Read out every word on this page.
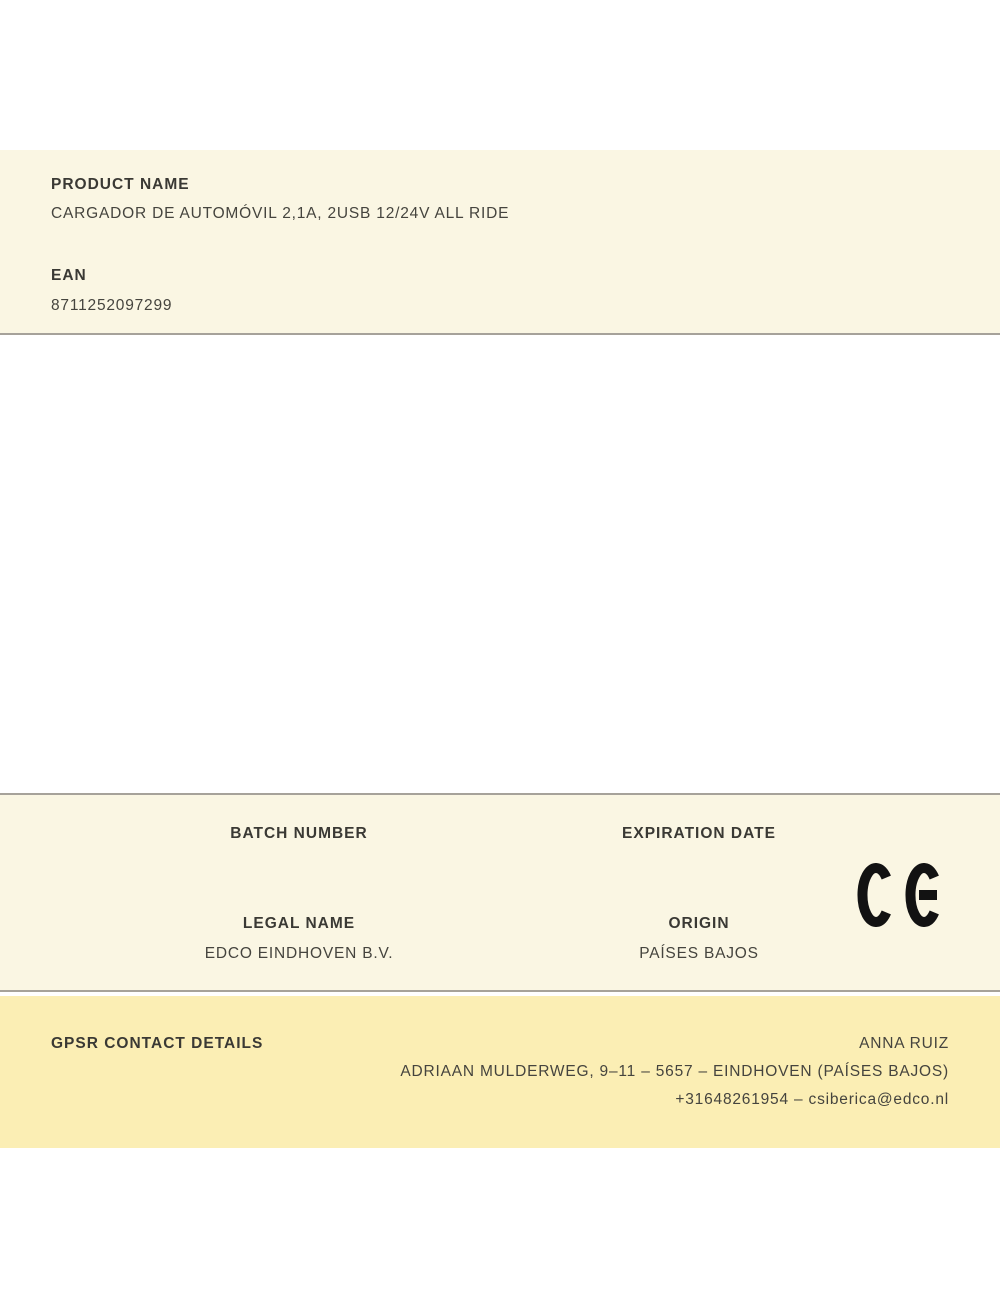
PRODUCT NAME
CARGADOR DE AUTOMÓVIL 2,1A, 2USB 12/24V ALL RIDE
EAN
8711252097299
BATCH NUMBER	EXPIRATION DATE
LEGAL NAME
EDCO EINDHOVEN B.V.
ORIGIN
PAÍSES BAJOS
GPSR CONTACT DETAILS	ANNA RUIZ
ADRIAAN MULDERWEG, 9–11 – 5657 – EINDHOVEN (PAÍSES BAJOS)
+31648261954 – csiberica@edco.nl
